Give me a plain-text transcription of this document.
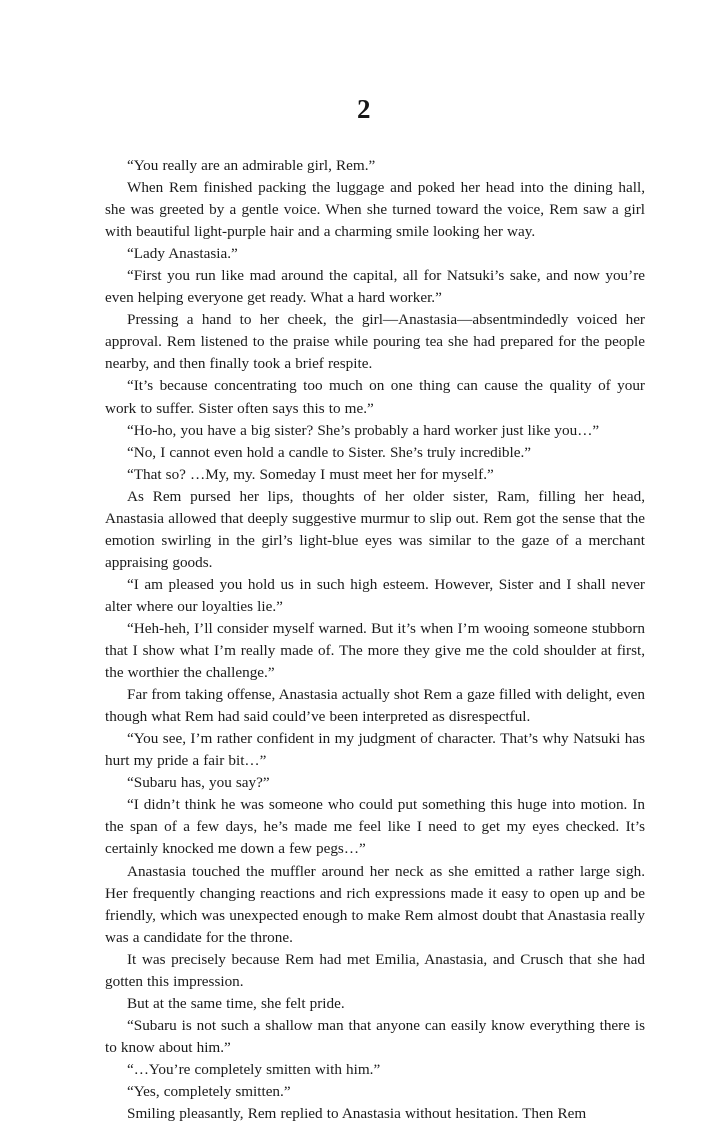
2

“You really are an admirable girl, Rem.”

When Rem finished packing the luggage and poked her head into the dining hall, she was greeted by a gentle voice. When she turned toward the voice, Rem saw a girl with beautiful light-purple hair and a charming smile looking her way.

“Lady Anastasia.”

“First you run like mad around the capital, all for Natsuki’s sake, and now you’re even helping everyone get ready. What a hard worker.”

Pressing a hand to her cheek, the girl—Anastasia—absentmindedly voiced her approval. Rem listened to the praise while pouring tea she had prepared for the people nearby, and then finally took a brief respite.

“It’s because concentrating too much on one thing can cause the quality of your work to suffer. Sister often says this to me.”

“Ho-ho, you have a big sister? She’s probably a hard worker just like you…”

“No, I cannot even hold a candle to Sister. She’s truly incredible.”

“That so? …My, my. Someday I must meet her for myself.”

As Rem pursed her lips, thoughts of her older sister, Ram, filling her head, Anastasia allowed that deeply suggestive murmur to slip out. Rem got the sense that the emotion swirling in the girl’s light-blue eyes was similar to the gaze of a merchant appraising goods.

“I am pleased you hold us in such high esteem. However, Sister and I shall never alter where our loyalties lie.”

“Heh-heh, I’ll consider myself warned. But it’s when I’m wooing someone stubborn that I show what I’m really made of. The more they give me the cold shoulder at first, the worthier the challenge.”

Far from taking offense, Anastasia actually shot Rem a gaze filled with delight, even though what Rem had said could’ve been interpreted as disrespectful.

“You see, I’m rather confident in my judgment of character. That’s why Natsuki has hurt my pride a fair bit…”

“Subaru has, you say?”

“I didn’t think he was someone who could put something this huge into motion. In the span of a few days, he’s made me feel like I need to get my eyes checked. It’s certainly knocked me down a few pegs…”

Anastasia touched the muffler around her neck as she emitted a rather large sigh. Her frequently changing reactions and rich expressions made it easy to open up and be friendly, which was unexpected enough to make Rem almost doubt that Anastasia really was a candidate for the throne.

It was precisely because Rem had met Emilia, Anastasia, and Crusch that she had gotten this impression.

But at the same time, she felt pride.

“Subaru is not such a shallow man that anyone can easily know everything there is to know about him.”

“…You’re completely smitten with him.”

“Yes, completely smitten.”

Smiling pleasantly, Rem replied to Anastasia without hesitation. Then Rem
